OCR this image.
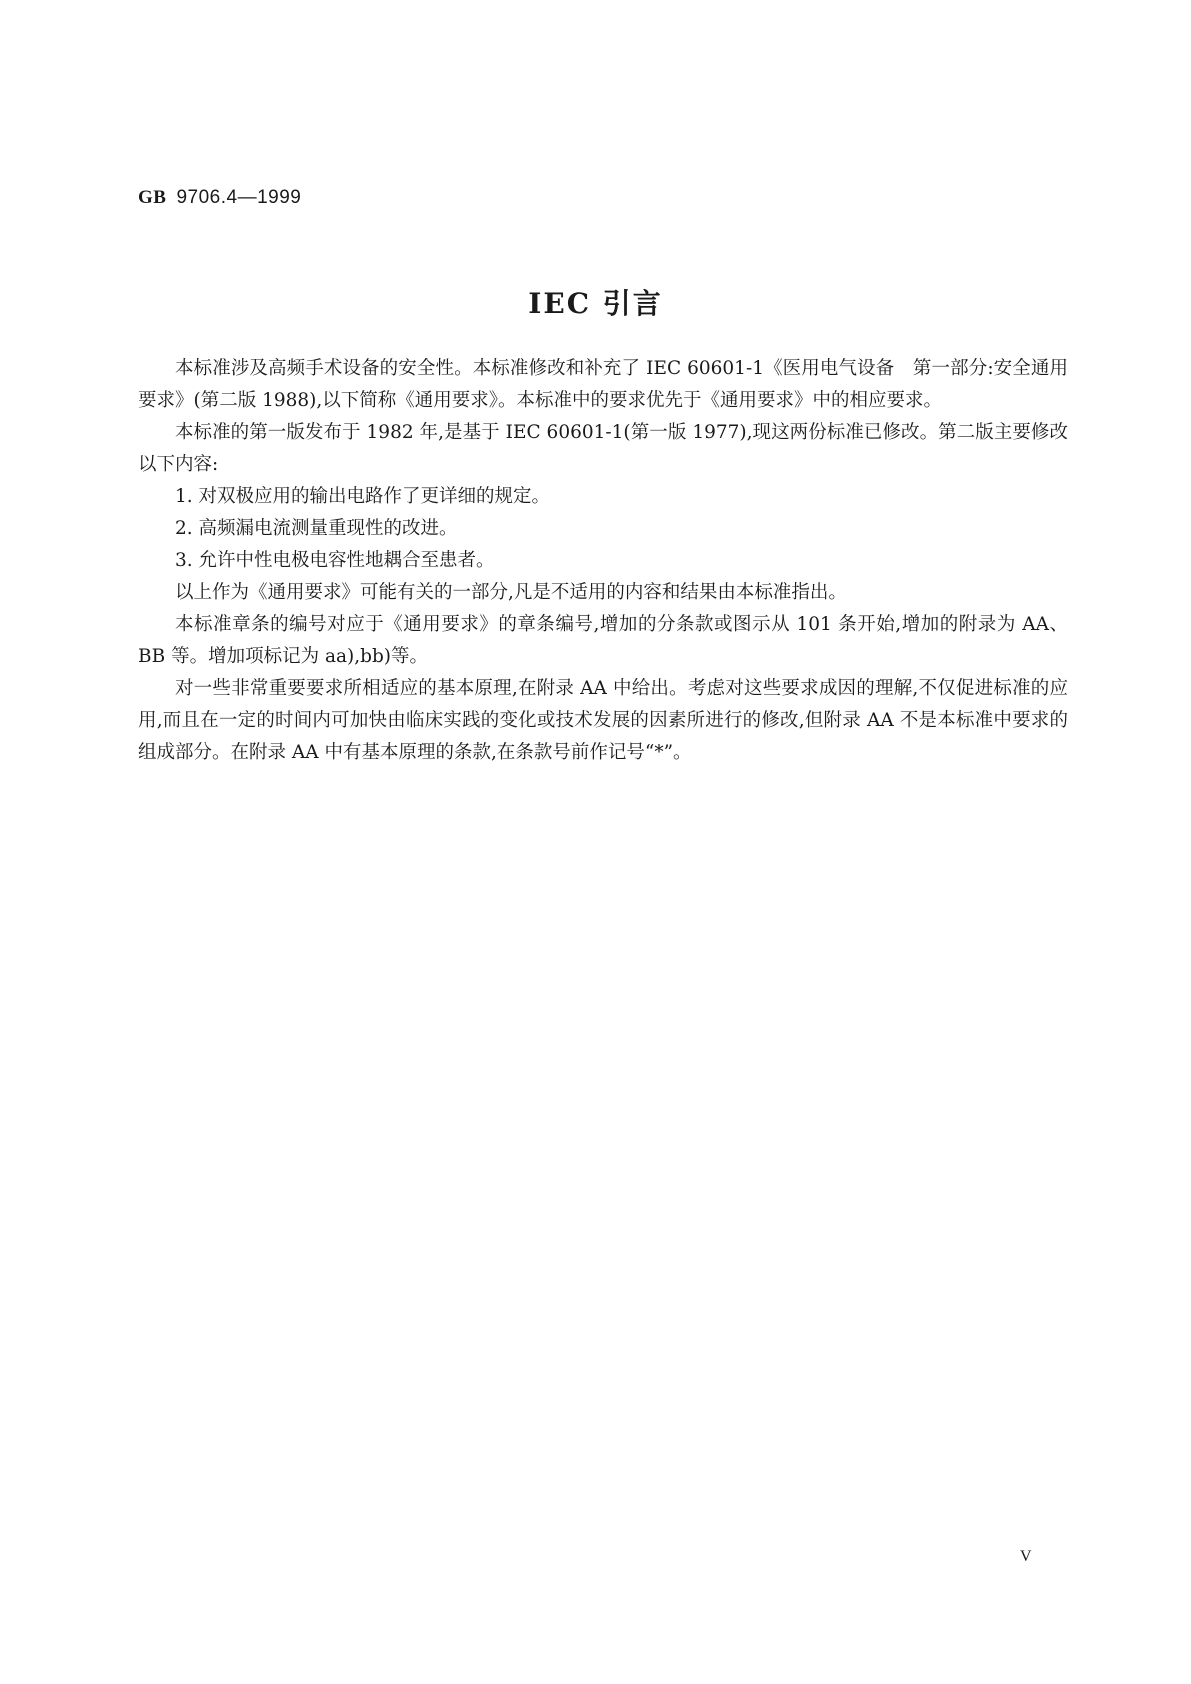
GB 9706.4—1999
IEC 引言

本标准涉及高频手术设备的安全性。本标准修改和补充了 IEC 60601-1《医用电气设备　第一部分:安全通用要求》(第二版 1988),以下简称《通用要求》。本标准中的要求优先于《通用要求》中的相应要求。

本标准的第一版发布于 1982 年,是基于 IEC 60601-1(第一版 1977),现这两份标准已修改。第二版主要修改以下内容:

1. 对双极应用的输出电路作了更详细的规定。

2. 高频漏电流测量重现性的改进。

3. 允许中性电极电容性地耦合至患者。

以上作为《通用要求》可能有关的一部分,凡是不适用的内容和结果由本标准指出。

本标准章条的编号对应于《通用要求》的章条编号,增加的分条款或图示从 101 条开始,增加的附录为 AA、BB 等。增加项标记为 aa),bb)等。

对一些非常重要要求所相适应的基本原理,在附录 AA 中给出。考虑对这些要求成因的理解,不仅促进标准的应用,而且在一定的时间内可加快由临床实践的变化或技术发展的因素所进行的修改,但附录 AA 不是本标准中要求的组成部分。在附录 AA 中有基本原理的条款,在条款号前作记号“*”。

V
